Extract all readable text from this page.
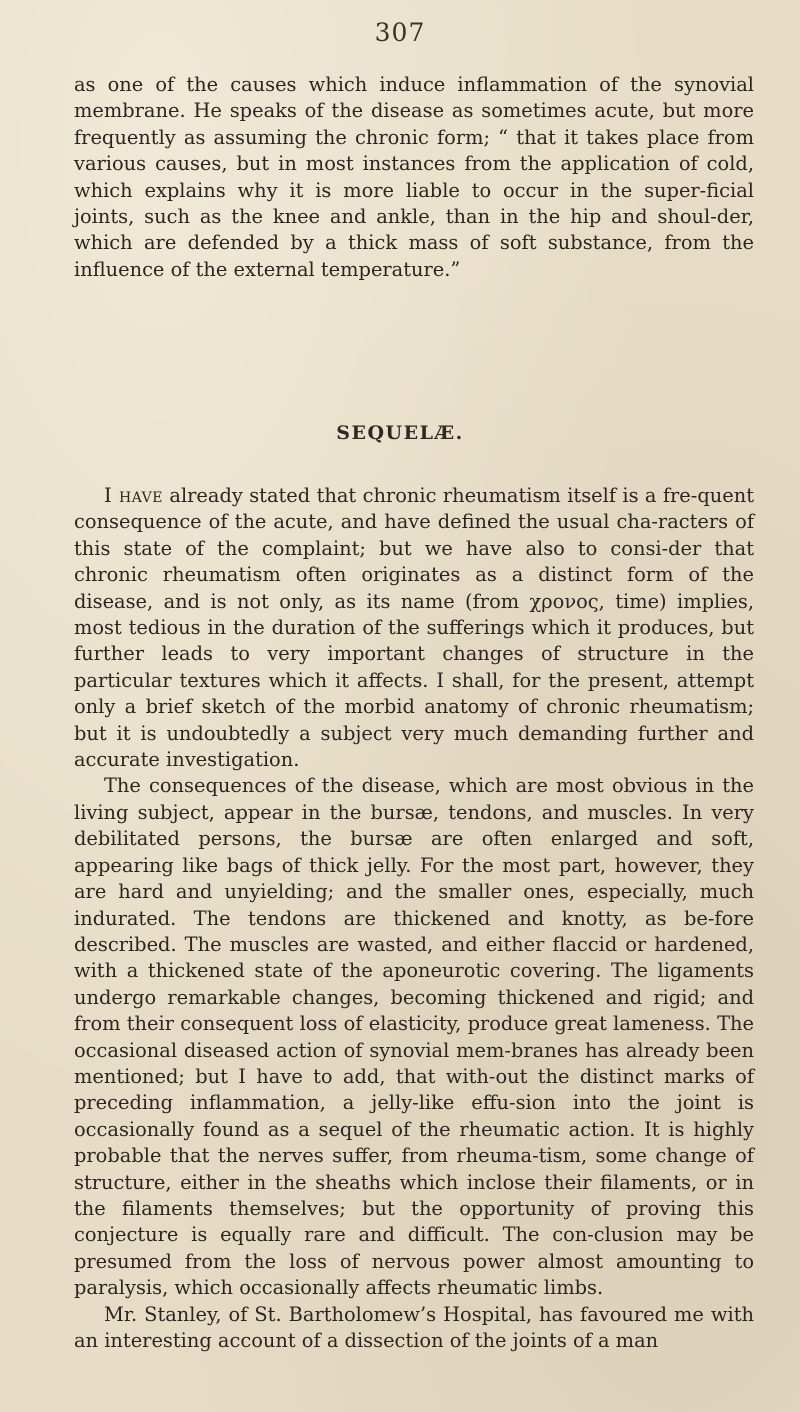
307

as one of the causes which induce inflammation of the synovial membrane. He speaks of the disease as sometimes acute, but more frequently as assuming the chronic form; “ that it takes place from various causes, but in most instances from the application of cold, which explains why it is more liable to occur in the super-ficial joints, such as the knee and ankle, than in the hip and shoul-der, which are defended by a thick mass of soft substance, from the influence of the external temperature.”

SEQUELÆ.

I have already stated that chronic rheumatism itself is a fre-quent consequence of the acute, and have defined the usual cha-racters of this state of the complaint; but we have also to consi-der that chronic rheumatism often originates as a distinct form of the disease, and is not only, as its name (from χρονος, time) implies, most tedious in the duration of the sufferings which it produces, but further leads to very important changes of structure in the particular textures which it affects. I shall, for the present, attempt only a brief sketch of the morbid anatomy of chronic rheumatism; but it is undoubtedly a subject very much demanding further and accurate investigation.

The consequences of the disease, which are most obvious in the living subject, appear in the bursæ, tendons, and muscles. In very debilitated persons, the bursæ are often enlarged and soft, appearing like bags of thick jelly. For the most part, however, they are hard and unyielding; and the smaller ones, especially, much indurated. The tendons are thickened and knotty, as be-fore described. The muscles are wasted, and either flaccid or hardened, with a thickened state of the aponeurotic covering. The ligaments undergo remarkable changes, becoming thickened and rigid; and from their consequent loss of elasticity, produce great lameness. The occasional diseased action of synovial mem-branes has already been mentioned; but I have to add, that with-out the distinct marks of preceding inflammation, a jelly-like effu-sion into the joint is occasionally found as a sequel of the rheumatic action. It is highly probable that the nerves suffer, from rheuma-tism, some change of structure, either in the sheaths which inclose their filaments, or in the filaments themselves; but the opportunity of proving this conjecture is equally rare and difficult. The con-clusion may be presumed from the loss of nervous power almost amounting to paralysis, which occasionally affects rheumatic limbs.

Mr. Stanley, of St. Bartholomew’s Hospital, has favoured me with an interesting account of a dissection of the joints of a man
